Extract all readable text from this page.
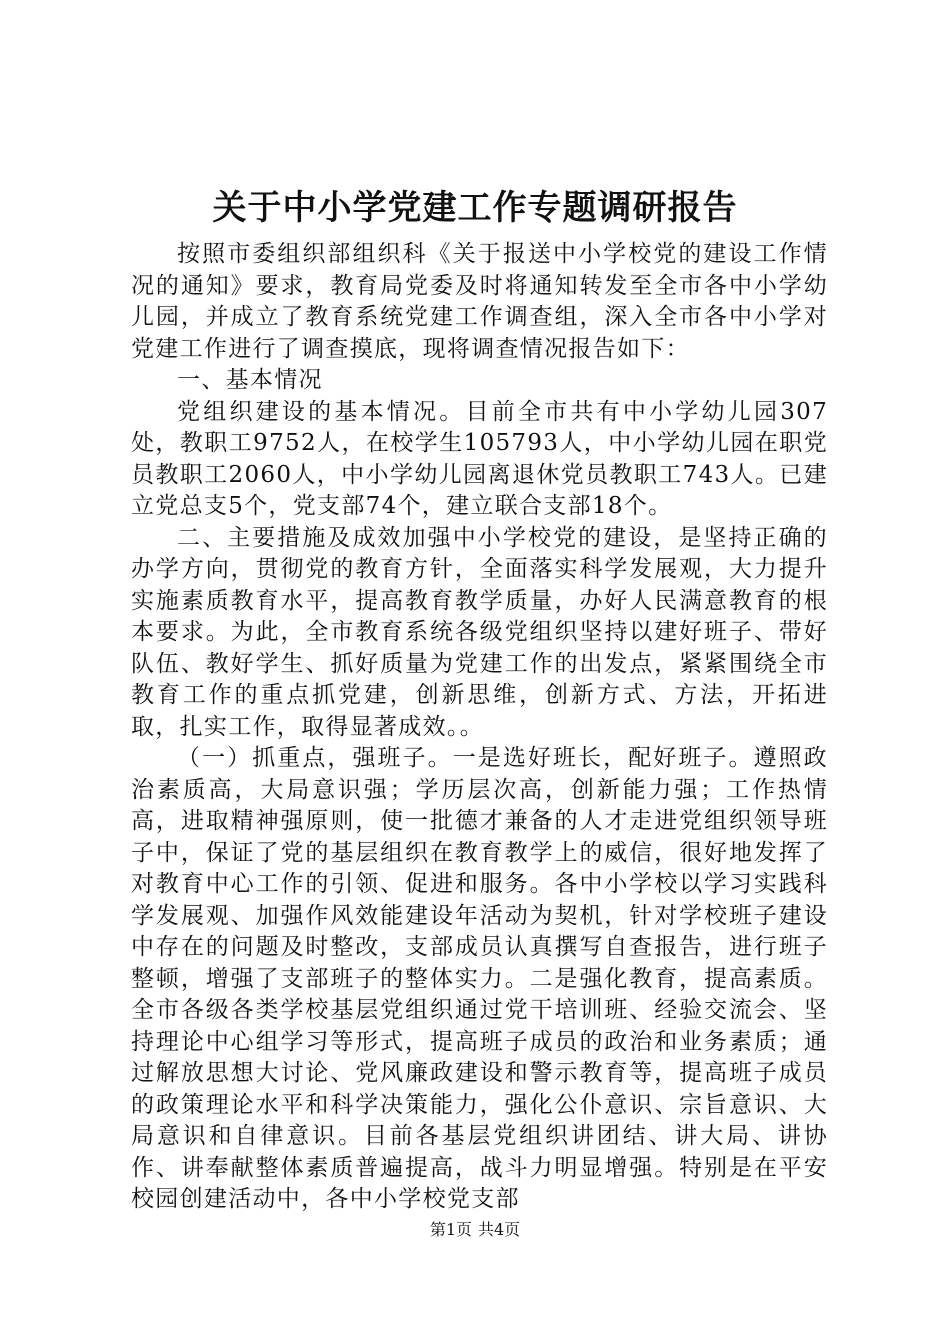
关于中小学党建工作专题调研报告

按照市委组织部组织科《关于报送中小学校党的建设工作情况的通知》要求，教育局党委及时将通知转发至全市各中小学幼儿园，并成立了教育系统党建工作调查组，深入全市各中小学对党建工作进行了调查摸底，现将调查情况报告如下：

一、基本情况

党组织建设的基本情况。目前全市共有中小学幼儿园307处，教职工9752人，在校学生105793人，中小学幼儿园在职党员教职工2060人，中小学幼儿园离退休党员教职工743人。已建立党总支5个，党支部74个，建立联合支部18个。

二、主要措施及成效加强中小学校党的建设，是坚持正确的办学方向，贯彻党的教育方针，全面落实科学发展观，大力提升实施素质教育水平，提高教育教学质量，办好人民满意教育的根本要求。为此，全市教育系统各级党组织坚持以建好班子、带好队伍、教好学生、抓好质量为党建工作的出发点，紧紧围绕全市教育工作的重点抓党建，创新思维，创新方式、方法，开拓进取，扎实工作，取得显著成效。。

（一）抓重点，强班子。一是选好班长，配好班子。遵照政治素质高，大局意识强；学历层次高，创新能力强；工作热情高，进取精神强原则，使一批德才兼备的人才走进党组织领导班子中，保证了党的基层组织在教育教学上的威信，很好地发挥了对教育中心工作的引领、促进和服务。各中小学校以学习实践科学发展观、加强作风效能建设年活动为契机，针对学校班子建设中存在的问题及时整改，支部成员认真撰写自查报告，进行班子整顿，增强了支部班子的整体实力。二是强化教育，提高素质。全市各级各类学校基层党组织通过党干培训班、经验交流会、坚持理论中心组学习等形式，提高班子成员的政治和业务素质；通过解放思想大讨论、党风廉政建设和警示教育等，提高班子成员的政策理论水平和科学决策能力，强化公仆意识、宗旨意识、大局意识和自律意识。目前各基层党组织讲团结、讲大局、讲协作、讲奉献整体素质普遍提高，战斗力明显增强。特别是在平安校园创建活动中，各中小学校党支部

第1页 共4页
